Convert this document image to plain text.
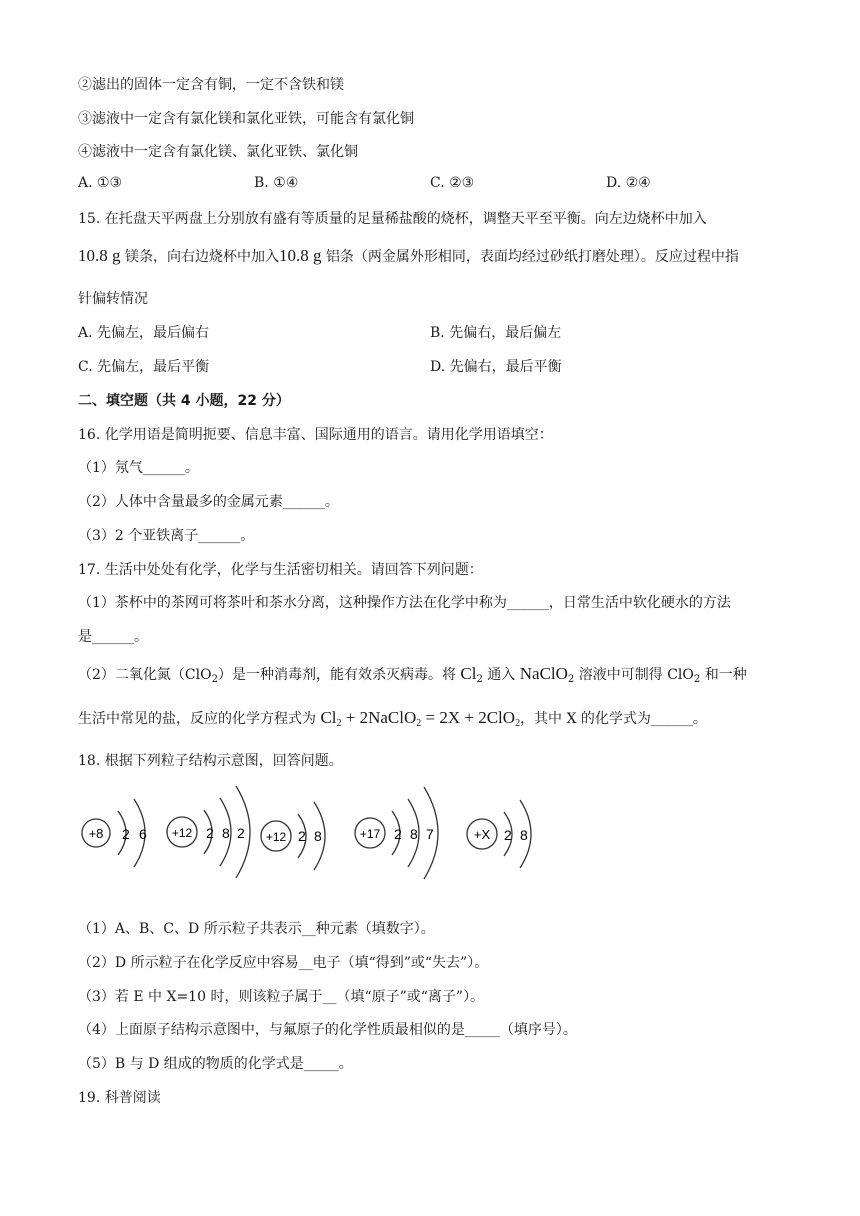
②滤出的固体一定含有铜，一定不含铁和镁
③滤液中一定含有氯化镁和氯化亚铁，可能含有氯化铜
④滤液中一定含有氯化镁、氯化亚铁、氯化铜
A. ①③	B. ①④	C. ②③	D. ②④
15. 在托盘天平两盘上分别放有盛有等质量的足量稀盐酸的烧杯，调整天平至平衡。向左边烧杯中加入
10.8 g 镁条，向右边烧杯中加入10.8 g 铝条（两金属外形相同，表面均经过砂纸打磨处理）。反应过程中指
针偏转情况
A. 先偏左，最后偏右	B. 先偏右，最后偏左
C. 先偏左，最后平衡	D. 先偏右，最后平衡
二、填空题（共 4 小题，22 分）
16. 化学用语是简明扼要、信息丰富、国际通用的语言。请用化学用语填空：
（1）氖气______。
（2）人体中含量最多的金属元素______。
（3）2 个亚铁离子______。
17. 生活中处处有化学，化学与生活密切相关。请回答下列问题：
（1）茶杯中的茶网可将茶叶和茶水分离，这种操作方法在化学中称为______，日常生活中软化硬水的方法
是______。
（2）二氧化氮（ClO$_2$）是一种消毒剂，能有效杀灭病毒。将 $Cl_2$ 通入 NaClO$_2$ 溶液中可制得 ClO$_2$ 和一种
生活中常见的盐，反应的化学方程式为 $Cl_2$ + 2NaClO$_2$ = 2X + 2ClO$_2$，其中 X 的化学式为______。
18. 根据下列粒子结构示意图，回答问题。
+8 2 6 +12 2 8 2 +12 2 8	+17 2 8 7	+X 2 8
（1）A、B、C、D 所示粒子共表示__种元素（填数字）。
（2）D 所示粒子在化学反应中容易__电子（填“得到”或“失去”）。
（3）若 E 中 X=10 时，则该粒子属于__（填“原子”或“离子”）。
（4）上面原子结构示意图中，与氟原子的化学性质最相似的是_____（填序号）。
（5）B 与 D 组成的物质的化学式是_____。
19. 科普阅读
